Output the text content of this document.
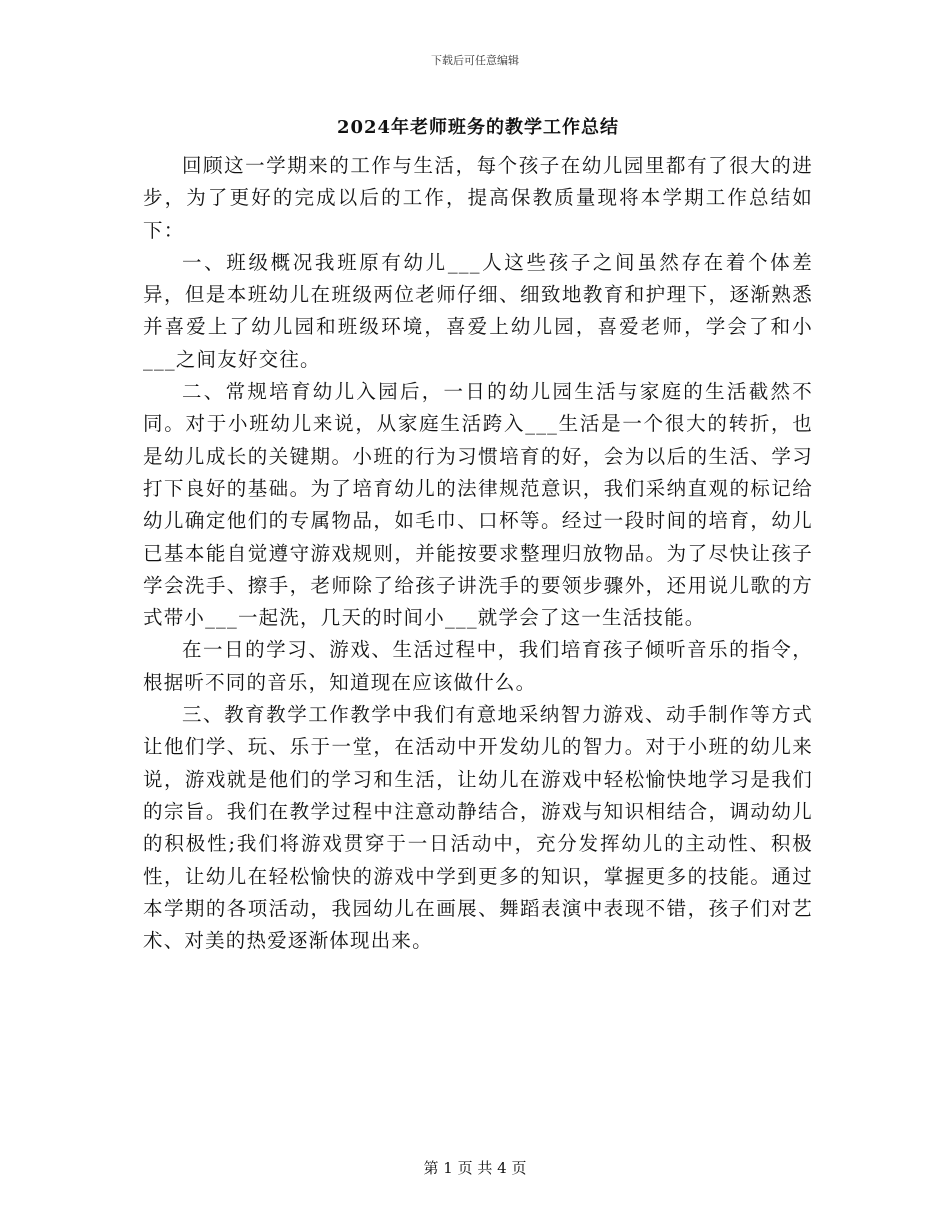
下载后可任意编辑
2024年老师班务的教学工作总结

回顾这一学期来的工作与生活，每个孩子在幼儿园里都有了很大的进步，为了更好的完成以后的工作，提高保教质量现将本学期工作总结如下：

一、班级概况我班原有幼儿___人这些孩子之间虽然存在着个体差异，但是本班幼儿在班级两位老师仔细、细致地教育和护理下，逐渐熟悉并喜爱上了幼儿园和班级环境，喜爱上幼儿园，喜爱老师，学会了和小___之间友好交往。

二、常规培育幼儿入园后，一日的幼儿园生活与家庭的生活截然不同。对于小班幼儿来说，从家庭生活跨入___生活是一个很大的转折，也是幼儿成长的关键期。小班的行为习惯培育的好，会为以后的生活、学习打下良好的基础。为了培育幼儿的法律规范意识，我们采纳直观的标记给幼儿确定他们的专属物品，如毛巾、口杯等。经过一段时间的培育，幼儿已基本能自觉遵守游戏规则，并能按要求整理归放物品。为了尽快让孩子学会洗手、擦手，老师除了给孩子讲洗手的要领步骤外，还用说儿歌的方式带小___一起洗，几天的时间小___就学会了这一生活技能。

在一日的学习、游戏、生活过程中，我们培育孩子倾听音乐的指令，根据听不同的音乐，知道现在应该做什么。

三、教育教学工作教学中我们有意地采纳智力游戏、动手制作等方式让他们学、玩、乐于一堂，在活动中开发幼儿的智力。对于小班的幼儿来说，游戏就是他们的学习和生活，让幼儿在游戏中轻松愉快地学习是我们的宗旨。我们在教学过程中注意动静结合，游戏与知识相结合，调动幼儿的积极性;我们将游戏贯穿于一日活动中，充分发挥幼儿的主动性、积极性，让幼儿在轻松愉快的游戏中学到更多的知识，掌握更多的技能。通过本学期的各项活动，我园幼儿在画展、舞蹈表演中表现不错，孩子们对艺术、对美的热爱逐渐体现出来。

第 1 页 共 4 页
